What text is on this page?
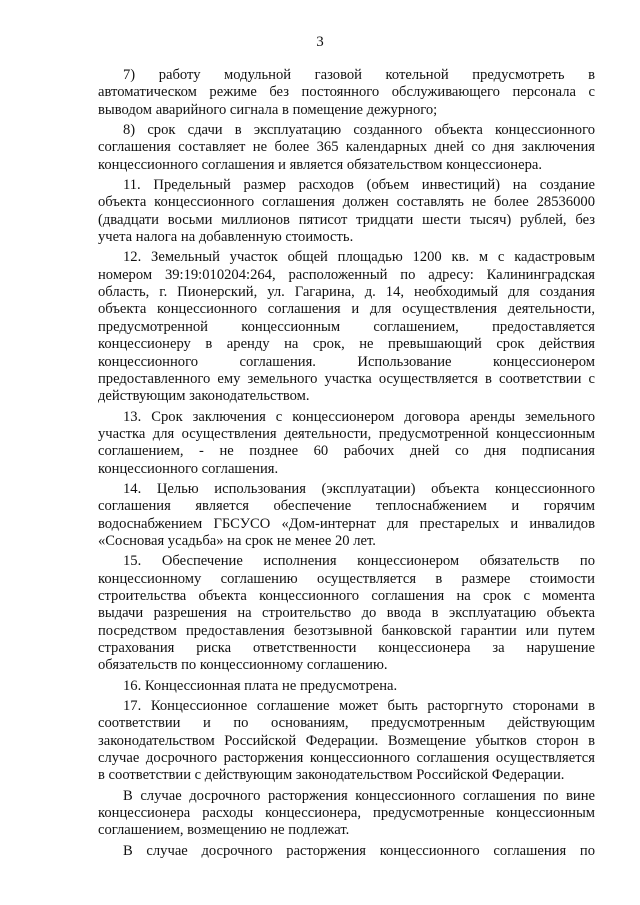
3

7) работу модульной газовой котельной предусмотреть в
автоматическом режиме без постоянного обслуживающего персонала с
выводом аварийного сигнала в помещение дежурного;
8) срок сдачи в эксплуатацию созданного объекта концессионного
соглашения составляет не более 365 календарных дней со дня заключения
концессионного соглашения и является обязательством концессионера.
11. Предельный размер расходов (объем инвестиций) на создание
объекта концессионного соглашения должен составлять не более 28536000
(двадцати восьми миллионов пятисот тридцати шести тысяч) рублей, без
учета налога на добавленную стоимость.
12. Земельный участок общей площадью 1200 кв. м с кадастровым
номером 39:19:010204:264, расположенный по адресу: Калининградская
область, г. Пионерский, ул. Гагарина, д. 14, необходимый для создания
объекта концессионного соглашения и для осуществления деятельности,
предусмотренной концессионным соглашением, предоставляется
концессионеру в аренду на срок, не превышающий срок действия
концессионного соглашения. Использование концессионером
предоставленного ему земельного участка осуществляется в соответствии с
действующим законодательством.
13. Срок заключения с концессионером договора аренды земельного
участка для осуществления деятельности, предусмотренной концессионным
соглашением, - не позднее 60 рабочих дней со дня подписания
концессионного соглашения.
14. Целью использования (эксплуатации) объекта концессионного
соглашения является обеспечение теплоснабжением и горячим
водоснабжением ГБСУСО «Дом-интернат для престарелых и инвалидов
«Сосновая усадьба» на срок не менее 20 лет.
15. Обеспечение исполнения концессионером обязательств по
концессионному соглашению осуществляется в размере стоимости
строительства объекта концессионного соглашения на срок с момента
выдачи разрешения на строительство до ввода в эксплуатацию объекта
посредством предоставления безотзывной банковской гарантии или путем
страхования риска ответственности концессионера за нарушение
обязательств по концессионному соглашению.
16. Концессионная плата не предусмотрена.
17. Концессионное соглашение может быть расторгнуто сторонами в
соответствии и по основаниям, предусмотренным действующим
законодательством Российской Федерации. Возмещение убытков сторон в
случае досрочного расторжения концессионного соглашения осуществляется
в соответствии с действующим законодательством Российской Федерации.
В случае досрочного расторжения концессионного соглашения по вине
концессионера расходы концессионера, предусмотренные концессионным
соглашением, возмещению не подлежат.
В случае досрочного расторжения концессионного соглашения по
